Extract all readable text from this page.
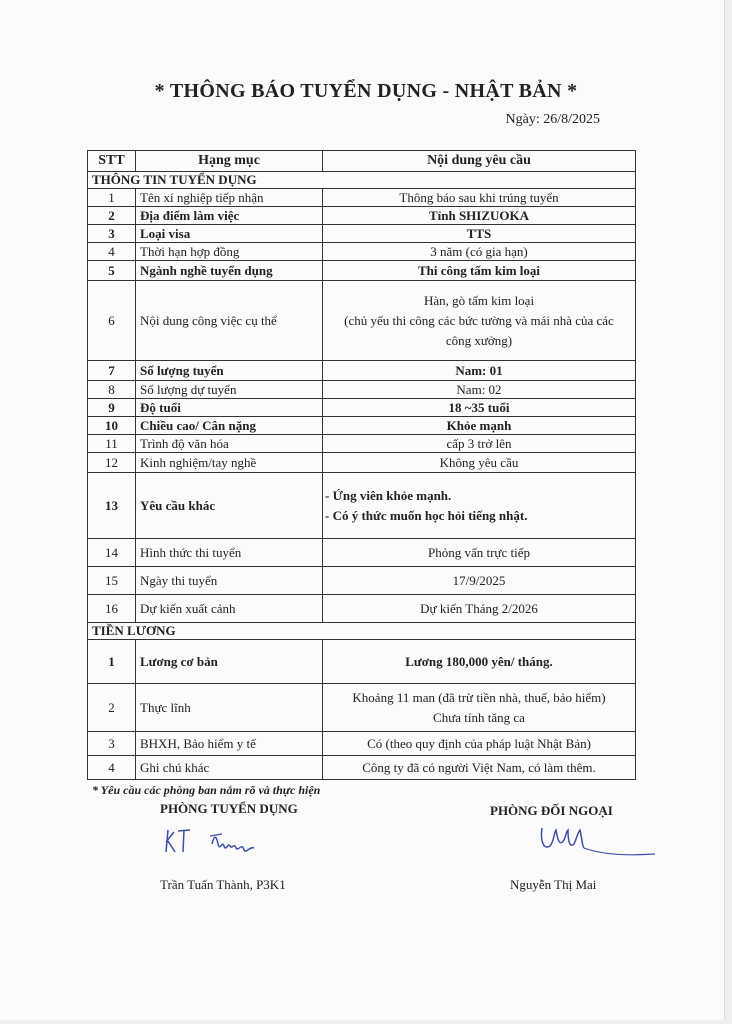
* THÔNG BÁO TUYỂN DỤNG - NHẬT BẢN *
Ngày: 26/8/2025
STT	Hạng mục	Nội dung yêu cầu
THÔNG TIN TUYỂN DỤNG		
1	Tên xí nghiệp tiếp nhận	Thông báo sau khi trúng tuyển
2	Địa điểm làm việc	Tỉnh SHIZUOKA
3	Loại visa	TTS
4	Thời hạn hợp đồng	3 năm (có gia hạn)
5	Ngành nghề tuyển dụng	Thi công tấm kim loại
6	Nội dung công việc cụ thể	Hàn, gò tấm kim loại
(chủ yếu thi công các bức tường và mái nhà của các
công xưởng)

7	Số lượng tuyển	Nam: 01
8	Số lượng dự tuyển	Nam: 02
9	Độ tuổi	18 ~35 tuổi
10	Chiều cao/ Cân nặng	Khỏe mạnh
11	Trình độ văn hóa	cấp 3 trở lên
12	Kinh nghiệm/tay nghề	Không yêu cầu
13	Yêu cầu khác	- Ứng viên khỏe mạnh.
- Có ý thức muốn học hỏi tiếng nhật.

14	Hình thức thi tuyển	Phỏng vấn trực tiếp
15	Ngày thi tuyển	17/9/2025
16	Dự kiến xuất cảnh	Dự kiến Tháng 2/2026
TIỀN LƯƠNG		
1	Lương cơ bản	Lương 180,000 yên/ tháng.
2	Thực lĩnh	Khoảng 11 man (đã trừ tiền nhà, thuế, bảo hiểm)
Chưa tính tăng ca

3	BHXH, Bảo hiểm y tế	Có (theo quy định của pháp luật Nhật Bản)
4	Ghi chú khác	Công ty đã có người Việt Nam, có làm thêm.
* Yêu cầu các phòng ban nắm rõ và thực hiện
PHÒNG TUYỂN DỤNG	PHÒNG ĐỐI NGOẠI
Trần Tuấn Thành, P3K1	Nguyễn Thị Mai
